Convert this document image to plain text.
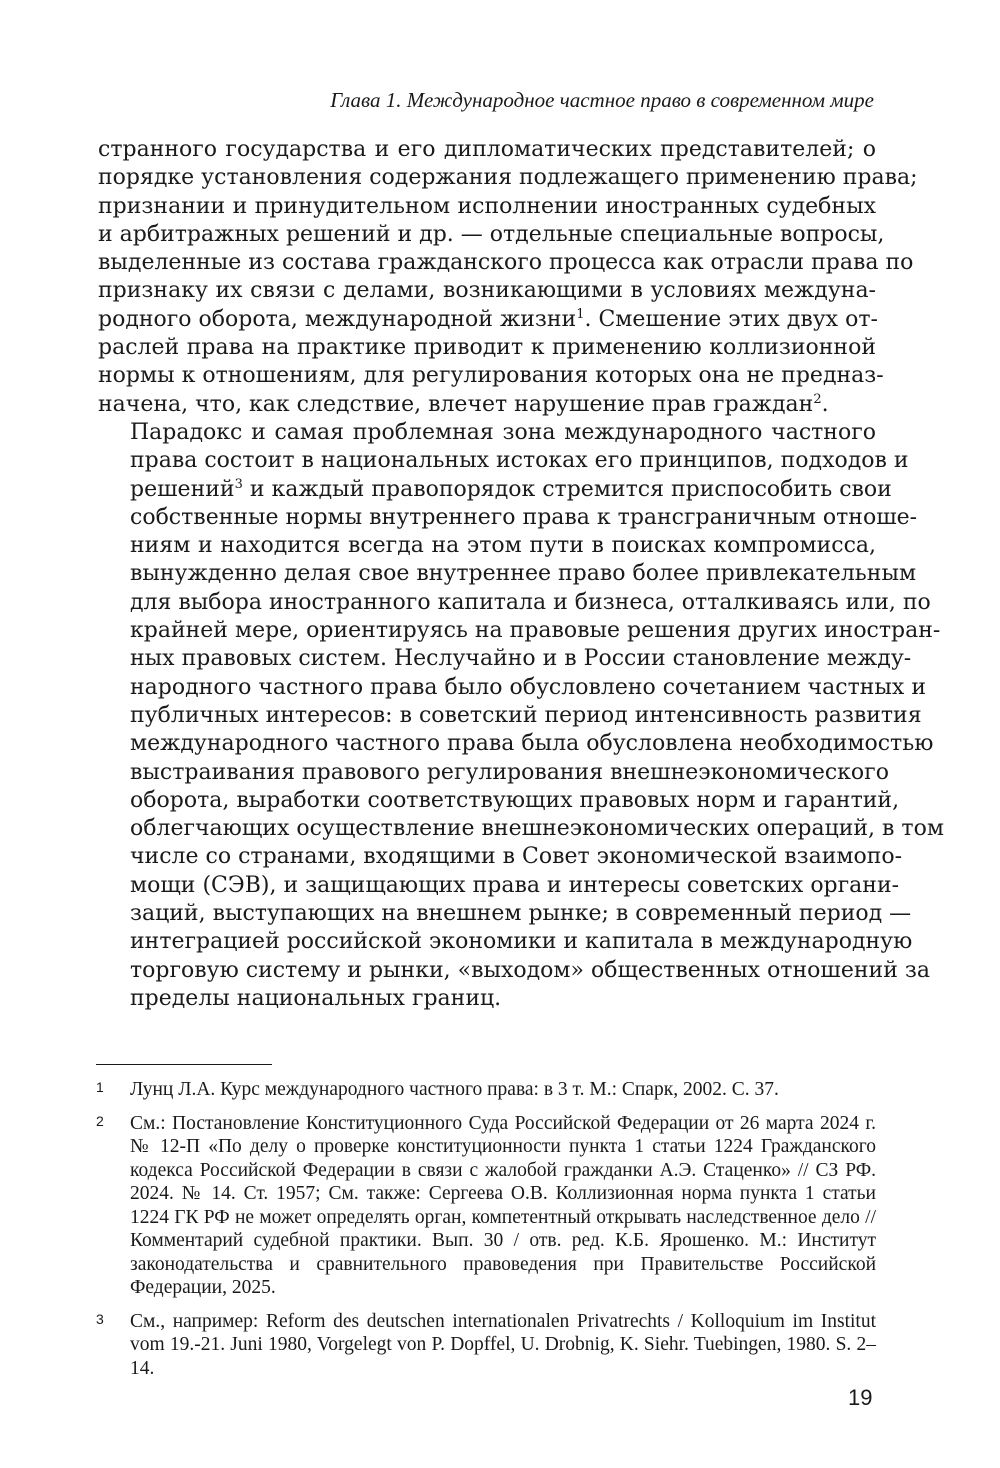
Глава 1. Международное частное право в современном мире

странного государства и его дипломатических представителей; о
порядке установления содержания подлежащего применению права;
признании и принудительном исполнении иностранных судебных
и арбитражных решений и др. — отдельные специальные вопросы,
выделенные из состава гражданского процесса как отрасли права по
признаку их связи с делами, возникающими в условиях междуна-
родного оборота, международной жизни$^1$. Смешение этих двух от-
раслей права на практике приводит к применению коллизионной
нормы к отношениям, для регулирования которых она не предназ-
начена, что, как следствие, влечет нарушение прав граждан$^2$.

Парадокс и самая проблемная зона международного частного
права состоит в национальных истоках его принципов, подходов и
решений$^3$ и каждый правопорядок стремится приспособить свои
собственные нормы внутреннего права к трансграничным отноше-
ниям и находится всегда на этом пути в поисках компромисса,
вынужденно делая свое внутреннее право более привлекательным
для выбора иностранного капитала и бизнеса, отталкиваясь или, по
крайней мере, ориентируясь на правовые решения других иностран-
ных правовых систем. Неслучайно и в России становление между-
народного частного права было обусловлено сочетанием частных и
публичных интересов: в советский период интенсивность развития
международного частного права была обусловлена необходимостью
выстраивания правового регулирования внешнеэкономического
оборота, выработки соответствующих правовых норм и гарантий,
облегчающих осуществление внешнеэкономических операций, в том
числе со странами, входящими в Совет экономической взаимопо-
мощи (СЭВ), и защищающих права и интересы советских органи-
заций, выступающих на внешнем рынке; в современный период —
интеграцией российской экономики и капитала в международную
торговую систему и рынки, «выходом» общественных отношений за
пределы национальных границ.

1 Лунц Л.А. Курс международного частного права: в 3 т. М.: Спарк, 2002. С. 37.
2 См.: Постановление Конституционного Суда Российской Федерации от 26 марта 2024 г. № 12-П «По делу о проверке конституционности пункта 1 статьи 1224 Гражданского кодекса Российской Федерации в связи с жалобой гражданки А.Э. Стаценко» // СЗ РФ. 2024. № 14. Ст. 1957; См. также: Сергеева О.В. Коллизионная норма пункта 1 статьи 1224 ГК РФ не может определять орган, компетентный открывать наследственное дело // Комментарий судебной практики. Вып. 30 / отв. ред. К.Б. Ярошенко. М.: Институт законодательства и сравнительного правоведения при Правительстве Российской Федерации, 2025.
3 См., например: Reform des deutschen internationalen Privatrechts / Kolloquium im Institut vom 19.-21. Juni 1980, Vorgelegt von P. Dopffel, U. Drobnig, K. Siehr. Tuebingen, 1980. S. 2–14.
19
